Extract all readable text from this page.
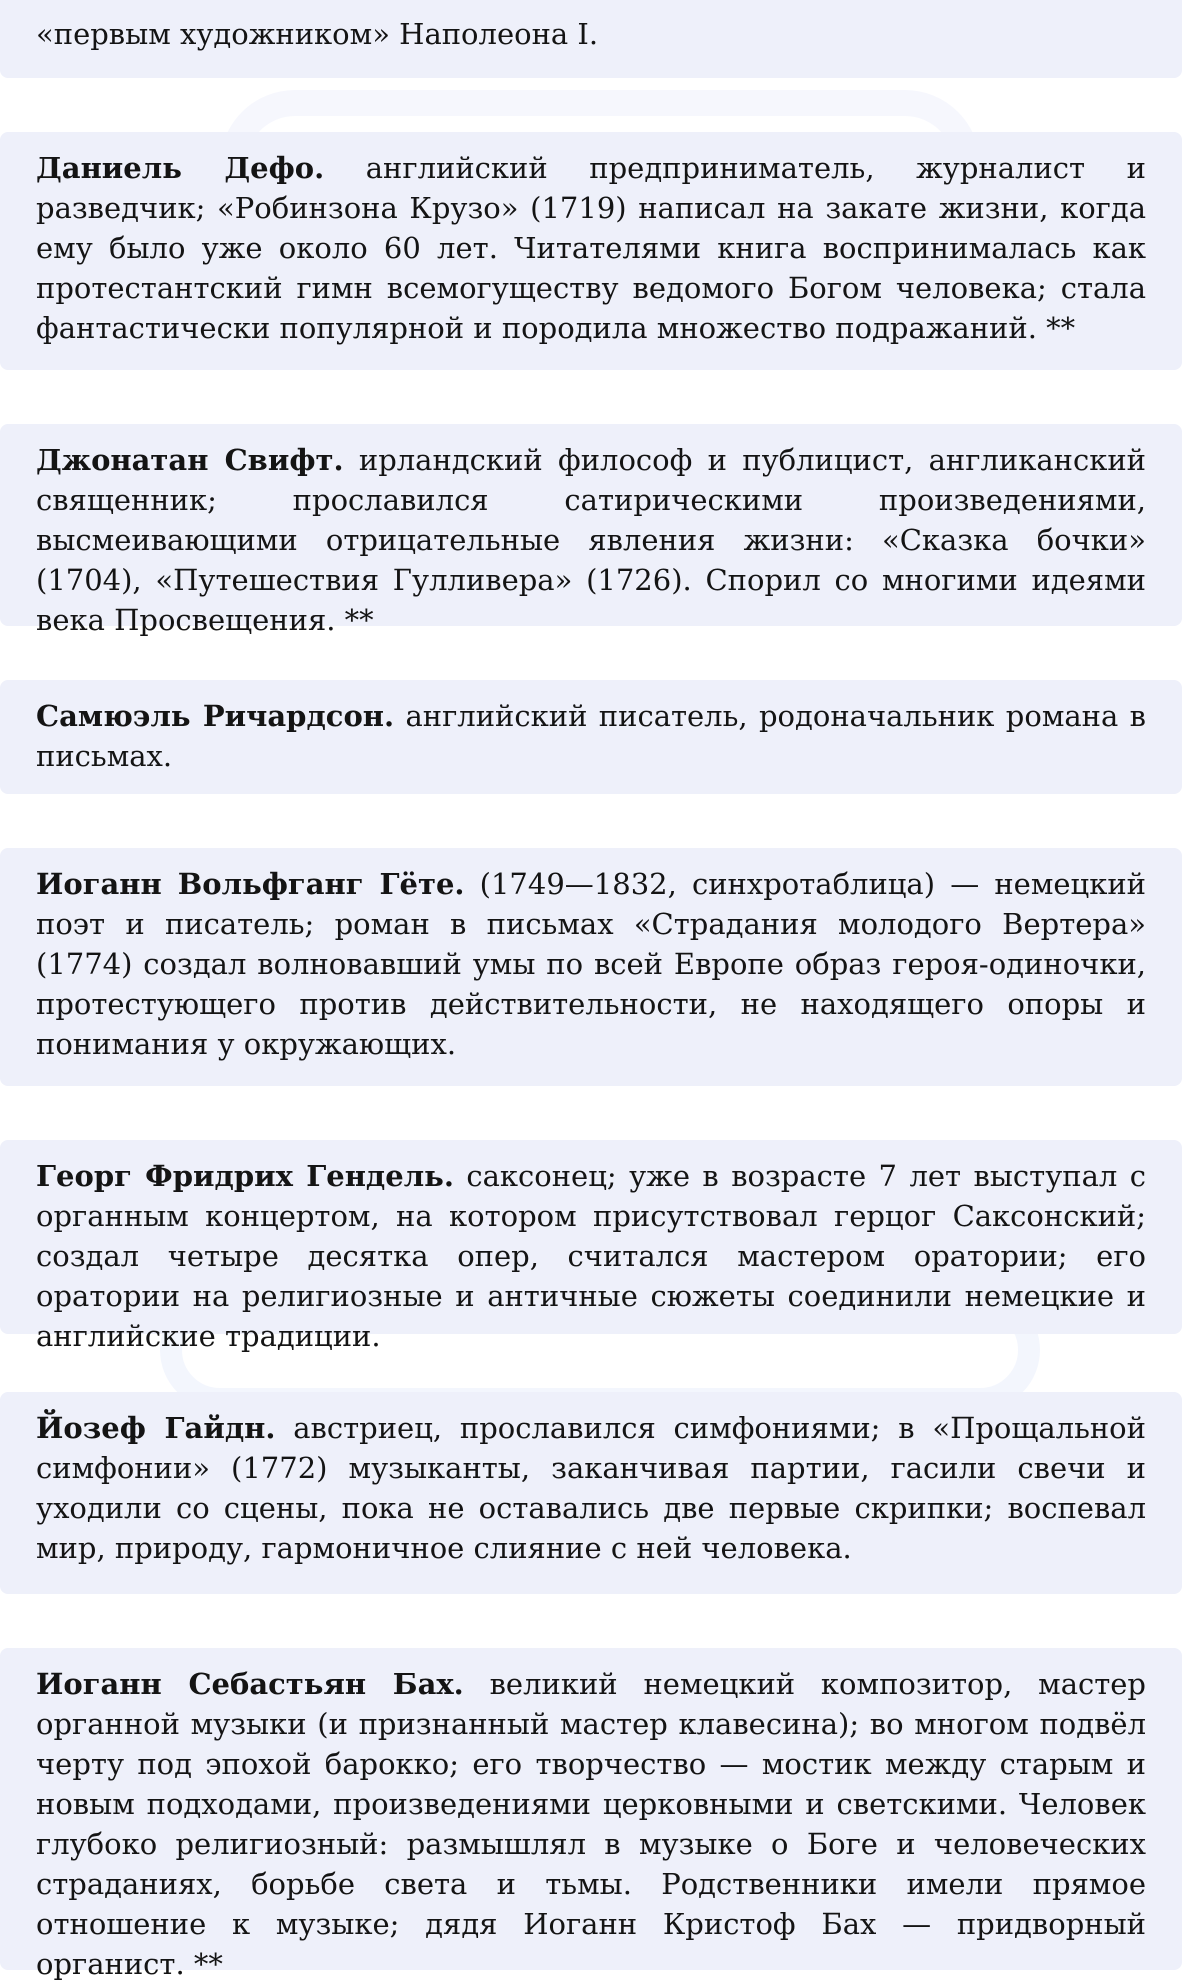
«первым художником» Наполеона I.
Даниель Дефо. английский предприниматель, журналист и разведчик; «Робинзона Крузо» (1719) написал на закате жизни, когда ему было уже около 60 лет. Читателями книга воспринималась как протестантский гимн всемогуществу ведомого Богом человека; стала фантастически популярной и породила множество подражаний. **
Джонатан Свифт. ирландский философ и публицист, англиканский священник; прославился сатирическими произведениями, высмеивающими отрицательные явления жизни: «Сказка бочки» (1704), «Путешествия Гулливера» (1726). Спорил со многими идеями века Просвещения. **
Самюэль Ричардсон. английский писатель, родоначальник романа в письмах.
Иоганн Вольфганг Гёте. (1749—1832, синхротаблица) — немецкий поэт и писатель; роман в письмах «Страдания молодого Вертера» (1774) создал волновавший умы по всей Европе образ героя-одиночки, протестующего против действительности, не находящего опоры и понимания у окружающих.
Георг Фридрих Гендель. саксонец; уже в возрасте 7 лет выступал с органным концертом, на котором присутствовал герцог Саксонский; создал четыре десятка опер, считался мастером оратории; его оратории на религиозные и античные сюжеты соединили немецкие и английские традиции.
Йозеф Гайдн. австриец, прославился симфониями; в «Прощальной симфонии» (1772) музыканты, заканчивая партии, гасили свечи и уходили со сцены, пока не оставались две первые скрипки; воспевал мир, природу, гармоничное слияние с ней человека.
Иоганн Себастьян Бах. великий немецкий композитор, мастер органной музыки (и признанный мастер клавесина); во многом подвёл черту под эпохой барокко; его творчество — мостик между старым и новым подходами, произведениями церковными и светскими. Человек глубоко религиозный: размышлял в музыке о Боге и человеческих страданиях, борьбе света и тьмы. Родственники имели прямое отношение к музыке; дядя Иоганн Кристоф Бах — придворный органист. **
